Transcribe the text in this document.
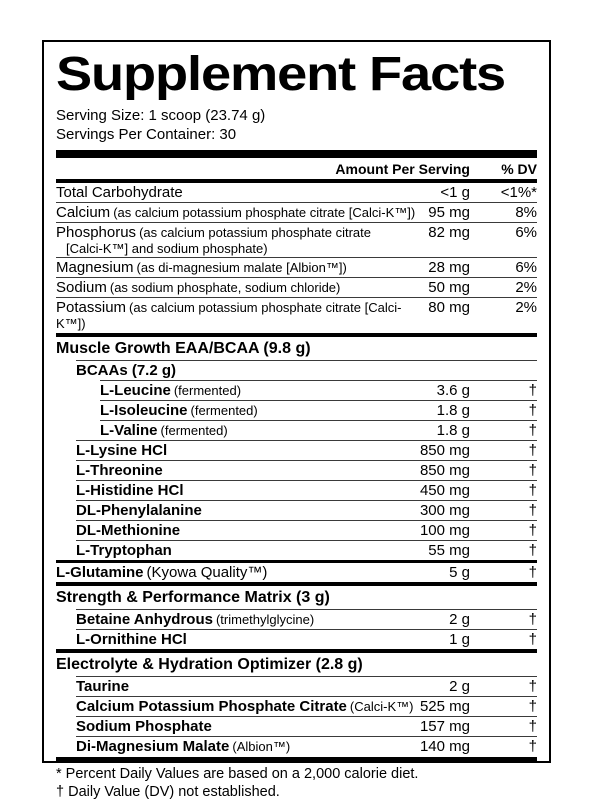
Supplement Facts
Serving Size: 1 scoop (23.74 g)
Servings Per Container: 30
Amount Per Serving	% DV
Total Carbohydrate	<1 g	<1%*
Calcium (as calcium potassium phosphate citrate [Calci-K™]) 95 mg	8%
Phosphorus (as calcium potassium phosphate citrate
[Calci-K™] and sodium phosphate)
82 mg	6%
Magnesium (as di-magnesium malate [Albion™])	28 mg	6%
Sodium (as sodium phosphate, sodium chloride)	50 mg	2%
Potassium (as calcium potassium phosphate citrate [Calci-K™])
80 mg	2%
Muscle Growth EAA/BCAA (9.8 g)
BCAAs (7.2 g)
L-Leucine (fermented)	3.6 g	†
L-Isoleucine (fermented)	1.8 g	†
L-Valine (fermented)	1.8 g	†
L-Lysine HCl	850 mg	†
L-Threonine	850 mg	†
L-Histidine HCl	450 mg	†
DL-Phenylalanine	300 mg	†
DL-Methionine	100 mg	†
L-Tryptophan	55 mg	†
L-Glutamine (Kyowa Quality™)	5 g	†
Strength & Performance Matrix (3 g)
Betaine Anhydrous (trimethylglycine)	2 g	†
L-Ornithine HCl	1 g	†
Electrolyte & Hydration Optimizer (2.8 g)
Taurine	2 g	†
Calcium Potassium Phosphate Citrate (Calci-K™) 525 mg	†
Sodium Phosphate	157 mg	†
Di-Magnesium Malate (Albion™)	140 mg	†
* Percent Daily Values are based on a 2,000 calorie diet.
† Daily Value (DV) not established.
